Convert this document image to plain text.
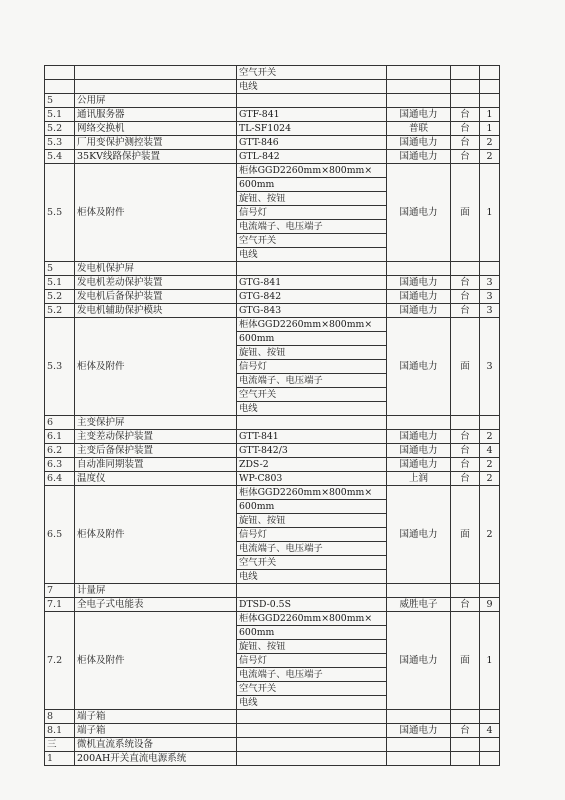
		空气开关			
		电线			
5	公用屏				
5.1	通讯服务器	GTF-841	国通电力	台	1
5.2	网络交换机	TL-SF1024	普联	台	1
5.3	厂用变保护测控装置	GTT-846	国通电力	台	2
5.4	35KV线路保护装置	GTL-842	国通电力	台	2
5.5	柜体及附件	柜体GGD2260mm×800mm×	国通电力	面	1
		600mm			
		旋钮、按钮			
		信号灯			
		电流端子、电压端子			
		空气开关			
		电线			
5	发电机保护屏				
5.1	发电机差动保护装置	GTG-841	国通电力	台	3
5.2	发电机后备保护装置	GTG-842	国通电力	台	3
5.2	发电机辅助保护模块	GTG-843	国通电力	台	3
5.3	柜体及附件	柜体GGD2260mm×800mm×	国通电力	面	3
		600mm			
		旋钮、按钮			
		信号灯			
		电流端子、电压端子			
		空气开关			
		电线			
6	主变保护屏				
6.1	主变差动保护装置	GTT-841	国通电力	台	2
6.2	主变后备保护装置	GTT-842/3	国通电力	台	4
6.3	自动准同期装置	ZDS-2	国通电力	台	2
6.4	温度仪	WP-C803	上润	台	2
6.5	柜体及附件	柜体GGD2260mm×800mm×	国通电力	面	2
		600mm			
		旋钮、按钮			
		信号灯			
		电流端子、电压端子			
		空气开关			
		电线			
7	计量屏				
7.1	全电子式电能表	DTSD-0.5S	威胜电子	台	9
7.2	柜体及附件	柜体GGD2260mm×800mm×	国通电力	面	1
		600mm			
		旋钮、按钮			
		信号灯			
		电流端子、电压端子			
		空气开关			
		电线			
8	端子箱				
8.1	端子箱		国通电力	台	4
三	微机直流系统设备				
1	200AH开关直流电源系统				
